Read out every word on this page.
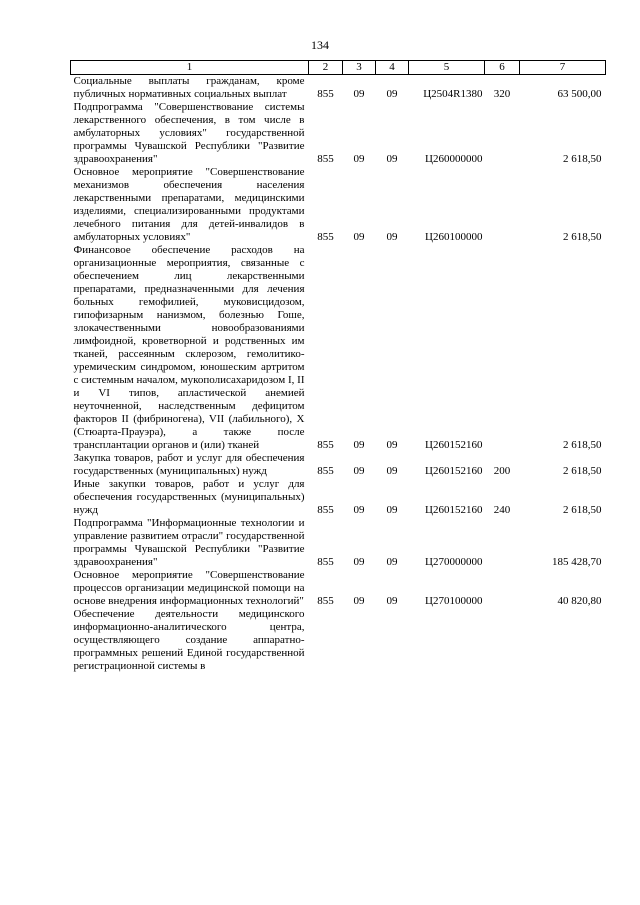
134
1	2	3	4	5	6	7
Социальные выплаты гражданам, кроме публичных нормативных социальных выплат	855	09	09	Ц2504R1380	320	63 500,00
Подпрограмма "Совершенствование системы лекарственного обеспечения, в том числе в амбулаторных условиях" государственной программы Чувашской Республики "Развитие здравоохранения"	855	09	09	Ц260000000		2 618,50
Основное мероприятие "Совершенствование механизмов обеспечения населения лекарственными препаратами, медицинскими изделиями, специализированными продуктами лечебного питания для детей-инвалидов в амбулаторных условиях"	855	09	09	Ц260100000		2 618,50
Финансовое обеспечение расходов на организационные мероприятия, связанные с обеспечением лиц лекарственными препаратами, предназначенными для лечения больных гемофилией, муковисцидозом, гипофизарным нанизмом, болезнью Гоше, злокачественными новообразованиями лимфоидной, кроветворной и родственных им тканей, рассеянным склерозом, гемолитико-уремическим синдромом, юношеским артритом с системным началом, мукополисахаридозом I, II и VI типов, апластической анемией неуточненной, наследственным дефицитом факторов II (фибриногена), VII (лабильного), X (Стюарта-Прауэра), а также после трансплантации органов и (или) тканей	855	09	09	Ц260152160		2 618,50
Закупка товаров, работ и услуг для обеспечения государственных (муниципальных) нужд	855	09	09	Ц260152160	200	2 618,50
Иные закупки товаров, работ и услуг для обеспечения государственных (муниципальных) нужд	855	09	09	Ц260152160	240	2 618,50
Подпрограмма "Информационные технологии и управление развитием отрасли" государственной программы Чувашской Республики "Развитие здравоохранения"	855	09	09	Ц270000000		185 428,70
Основное мероприятие "Совершенствование процессов организации медицинской помощи на основе внедрения информационных технологий"	855	09	09	Ц270100000		40 820,80
Обеспечение деятельности медицинского информационно-аналитического центра, осуществляющего создание аппаратно-программных решений Единой государственной регистрационной системы в						
